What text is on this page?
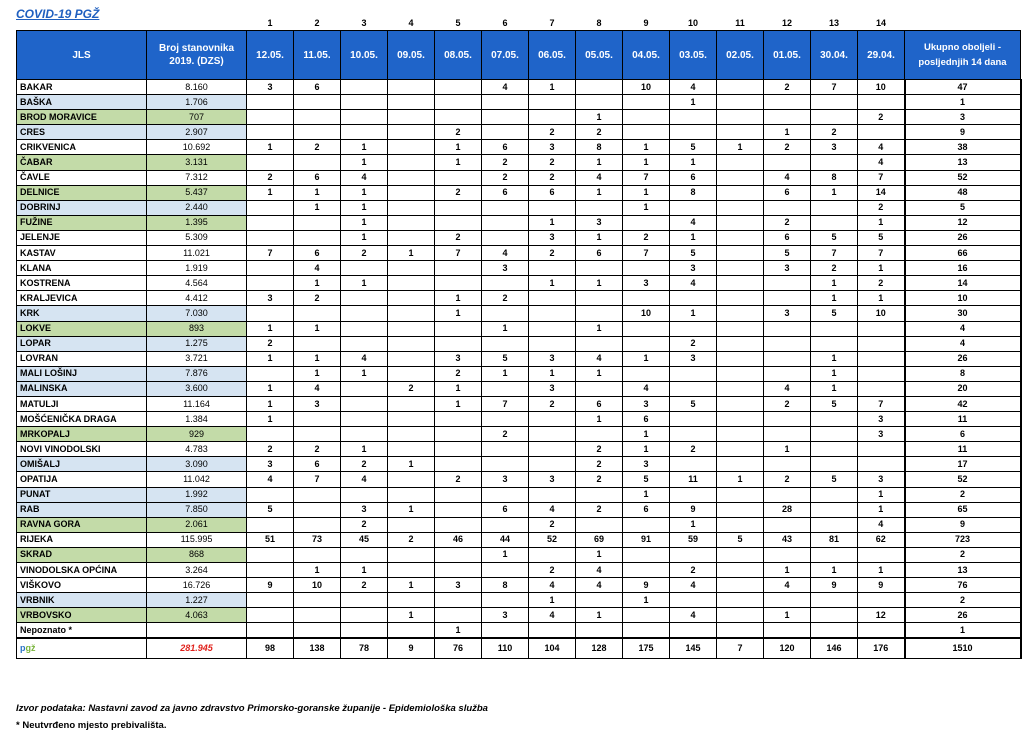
COVID-19 PGŽ
		1	2	3	4	5	6	7	8	9	10	11	12	13	14	
JLS	Broj stanovnika 2019. (DZS)	12.05.	11.05.	10.05.	09.05.	08.05.	07.05.	06.05.	05.05.	04.05.	03.05.	02.05.	01.05.	30.04.	29.04.	Ukupno oboljeli - posljednjih 14 dana

BAKAR	8.160	3	6				4	1		10	4		2	7	10	47
BAŠKA	1.706										1					1
BROD MORAVICE	707								1						2	3
CRES	2.907					2		2	2				1	2		9
CRIKVENICA	10.692	1	2	1		1	6	3	8	1	5	1	2	3	4	38
ČABAR	3.131			1		1	2	2	1	1	1				4	13
ČAVLE	7.312	2	6	4			2	2	4	7	6		4	8	7	52
DELNICE	5.437	1	1	1		2	6	6	1	1	8		6	1	14	48
DOBRINJ	2.440		1	1						1					2	5
FUŽINE	1.395			1				1	3		4		2		1	12
JELENJE	5.309			1		2		3	1	2	1		6	5	5	26
KASTAV	11.021	7	6	2	1	7	4	2	6	7	5		5	7	7	66
KLANA	1.919		4				3				3		3	2	1	16
KOSTRENA	4.564		1	1				1	1	3	4			1	2	14
KRALJEVICA	4.412	3	2			1	2							1	1	10
KRK	7.030					1				10	1		3	5	10	30
LOKVE	893	1	1				1		1							4
LOPAR	1.275	2									2					4
LOVRAN	3.721	1	1	4		3	5	3	4	1	3			1		26
MALI LOŠINJ	7.876		1	1		2	1	1	1					1		8
MALINSKA	3.600	1	4		2	1		3		4			4	1		20
MATULJI	11.164	1	3			1	7	2	6	3	5		2	5	7	42
MOŠĆENIČKA DRAGA	1.384	1							1	6					3	11
MRKOPALJ	929						2			1					3	6
NOVI VINODOLSKI	4.783	2	2	1					2	1	2		1			11
OMIŠALJ	3.090	3	6	2	1				2	3						17
OPATIJA	11.042	4	7	4		2	3	3	2	5	11	1	2	5	3	52
PUNAT	1.992									1					1	2
RAB	7.850	5		3	1		6	4	2	6	9		28		1	65
RAVNA GORA	2.061			2				2			1				4	9
RIJEKA	115.995	51	73	45	2	46	44	52	69	91	59	5	43	81	62	723
SKRAD	868						1		1							2
VINODOLSKA OPĆINA	3.264		1	1				2	4		2		1	1	1	13
VIŠKOVO	16.726	9	10	2	1	3	8	4	4	9	4		4	9	9	76
VRBNIK	1.227							1		1						2
VRBOVSKO	4.063				1		3	4	1		4		1		12	26
Nepoznato *						1										1
pgž	281.945	98	138	78	9	76	110	104	128	175	145	7	120	146	176	1510
Izvor podataka: Nastavni zavod za javno zdravstvo Primorsko-goranske županije - Epidemiološka služba
* Neutvrđeno mjesto prebivališta.
